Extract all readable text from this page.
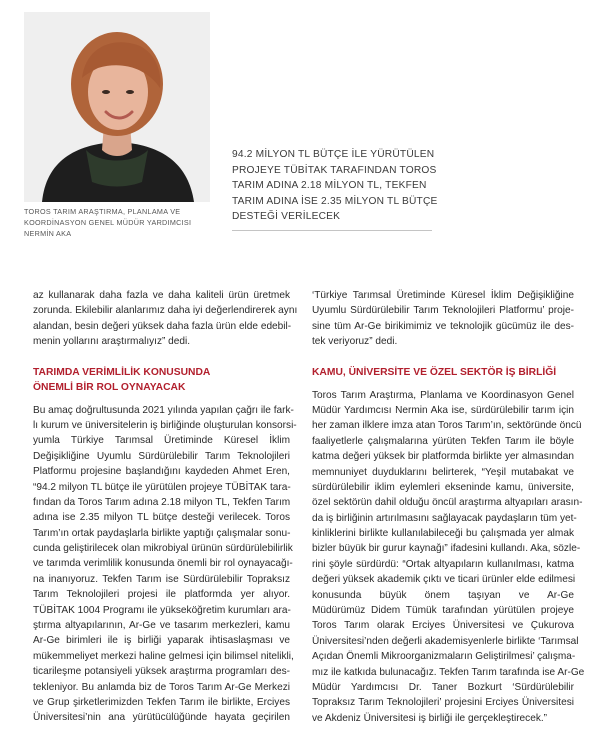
TOROS TARIM ARAŞTIRMA, PLANLAMA VE
KOORDİNASYON GENEL MÜDÜR YARDIMCISI
NERMİN AKA
94.2 MİLYON TL BÜTÇE İLE YÜRÜTÜLEN
PROJEYE TÜBİTAK TARAFINDAN TOROS
TARIM ADINA 2.18 MİLYON TL, TEKFEN
TARIM ADINA İSE 2.35 MİLYON TL BÜTÇE
DESTEĞİ VERİLECEK
az kullanarak daha fazla ve daha kaliteli ürün üretmek
zorunda. Ekilebilir alanlarımız daha iyi değerlendirerek aynı
alandan, besin değeri yüksek daha fazla ürün elde edebil-
menin yollarını araştırmalıyız” dedi.
TARIMDA VERİMLİLİK KONUSUNDA
ÖNEMLİ BİR ROL OYNAYACAK
Bu amaç doğrultusunda 2021 yılında yapılan çağrı ile fark-
lı kurum ve üniversitelerin iş birliğinde oluşturulan konsorsi-
yumla Türkiye Tarımsal Üretiminde Küresel İklim
Değişikliğine Uyumlu Sürdürülebilir Tarım Teknolojileri
Platformu projesine başlandığını kaydeden Ahmet Eren,
“94.2 milyon TL bütçe ile yürütülen projeye TÜBİTAK tara-
fından da Toros Tarım adına 2.18 milyon TL, Tekfen Tarım
adına ise 2.35 milyon TL bütçe desteği verilecek. Toros
Tarım’ın ortak paydaşlarla birlikte yaptığı çalışmalar sonu-
cunda geliştirilecek olan mikrobiyal ürünün sürdürülebilirlik
ve tarımda verimlilik konusunda önemli bir rol oynayacağı-
na inanıyoruz. Tekfen Tarım ise Sürdürülebilir Topraksız
Tarım Teknolojileri projesi ile platformda yer alıyor.
TÜBİTAK 1004 Programı ile yükseköğretim kurumları ara-
ştırma altyapılarının, Ar-Ge ve tasarım merkezleri, kamu
Ar-Ge birimleri ile iş birliği yaparak ihtisaslaşması ve
mükemmeliyet merkezi haline gelmesi için bilimsel nitelikli,
ticarileşme potansiyeli yüksek araştırma programları des-
tekleniyor. Bu anlamda biz de Toros Tarım Ar-Ge Merkezi
ve Grup şirketlerimizden Tekfen Tarım ile birlikte, Erciyes
Üniversitesi’nin ana yürütücülüğünde hayata geçirilen
‘Türkiye Tarımsal Üretiminde Küresel İklim Değişikliğine
Uyumlu Sürdürülebilir Tarım Teknolojileri Platformu’ proje-
sine tüm Ar-Ge birikimimiz ve teknolojik gücümüz ile des-
tek veriyoruz” dedi.
KAMU, ÜNİVERSİTE VE ÖZEL SEKTÖR İŞ BİRLİĞİ
Toros Tarım Araştırma, Planlama ve Koordinasyon Genel
Müdür Yardımcısı Nermin Aka ise, sürdürülebilir tarım için
her zaman ilklere imza atan Toros Tarım’ın, sektöründe öncü
faaliyetlerle çalışmalarına yürüten Tekfen Tarım ile böyle
katma değeri yüksek bir platformda birlikte yer almasından
memnuniyet duyduklarını belirterek, “Yeşil mutabakat ve
sürdürülebilir iklim eylemleri ekseninde kamu, üniversite,
özel sektörün dahil olduğu öncül araştırma altyapıları arasın-
da iş birliğinin artırılmasını sağlayacak paydaşların tüm yet-
kinliklerini birlikte kullanılabileceği bu çalışmada yer almak
bizler büyük bir gurur kaynağı” ifadesini kullandı. Aka, sözle-
rini şöyle sürdürdü: “Ortak altyapıların kullanılması, katma
değeri yüksek akademik çıktı ve ticari ürünler elde edilmesi
konusunda büyük önem taşıyan ve Ar-Ge
Müdürümüz Didem Tümük tarafından yürütülen projeye
Toros Tarım olarak Erciyes Üniversitesi ve Çukurova
Üniversitesi’nden değerli akademisyenlerle birlikte ‘Tarımsal
Açıdan Önemli Mikroorganizmaların Geliştirilmesi’ çalışma-
mız ile katkıda bulunacağız. Tekfen Tarım tarafında ise Ar-Ge
Müdür Yardımcısı Dr. Taner Bozkurt ‘Sürdürülebilir
Topraksız Tarım Teknolojileri’ projesini Erciyes Üniversitesi
ve Akdeniz Üniversitesi iş birliği ile gerçekleştirecek.”
